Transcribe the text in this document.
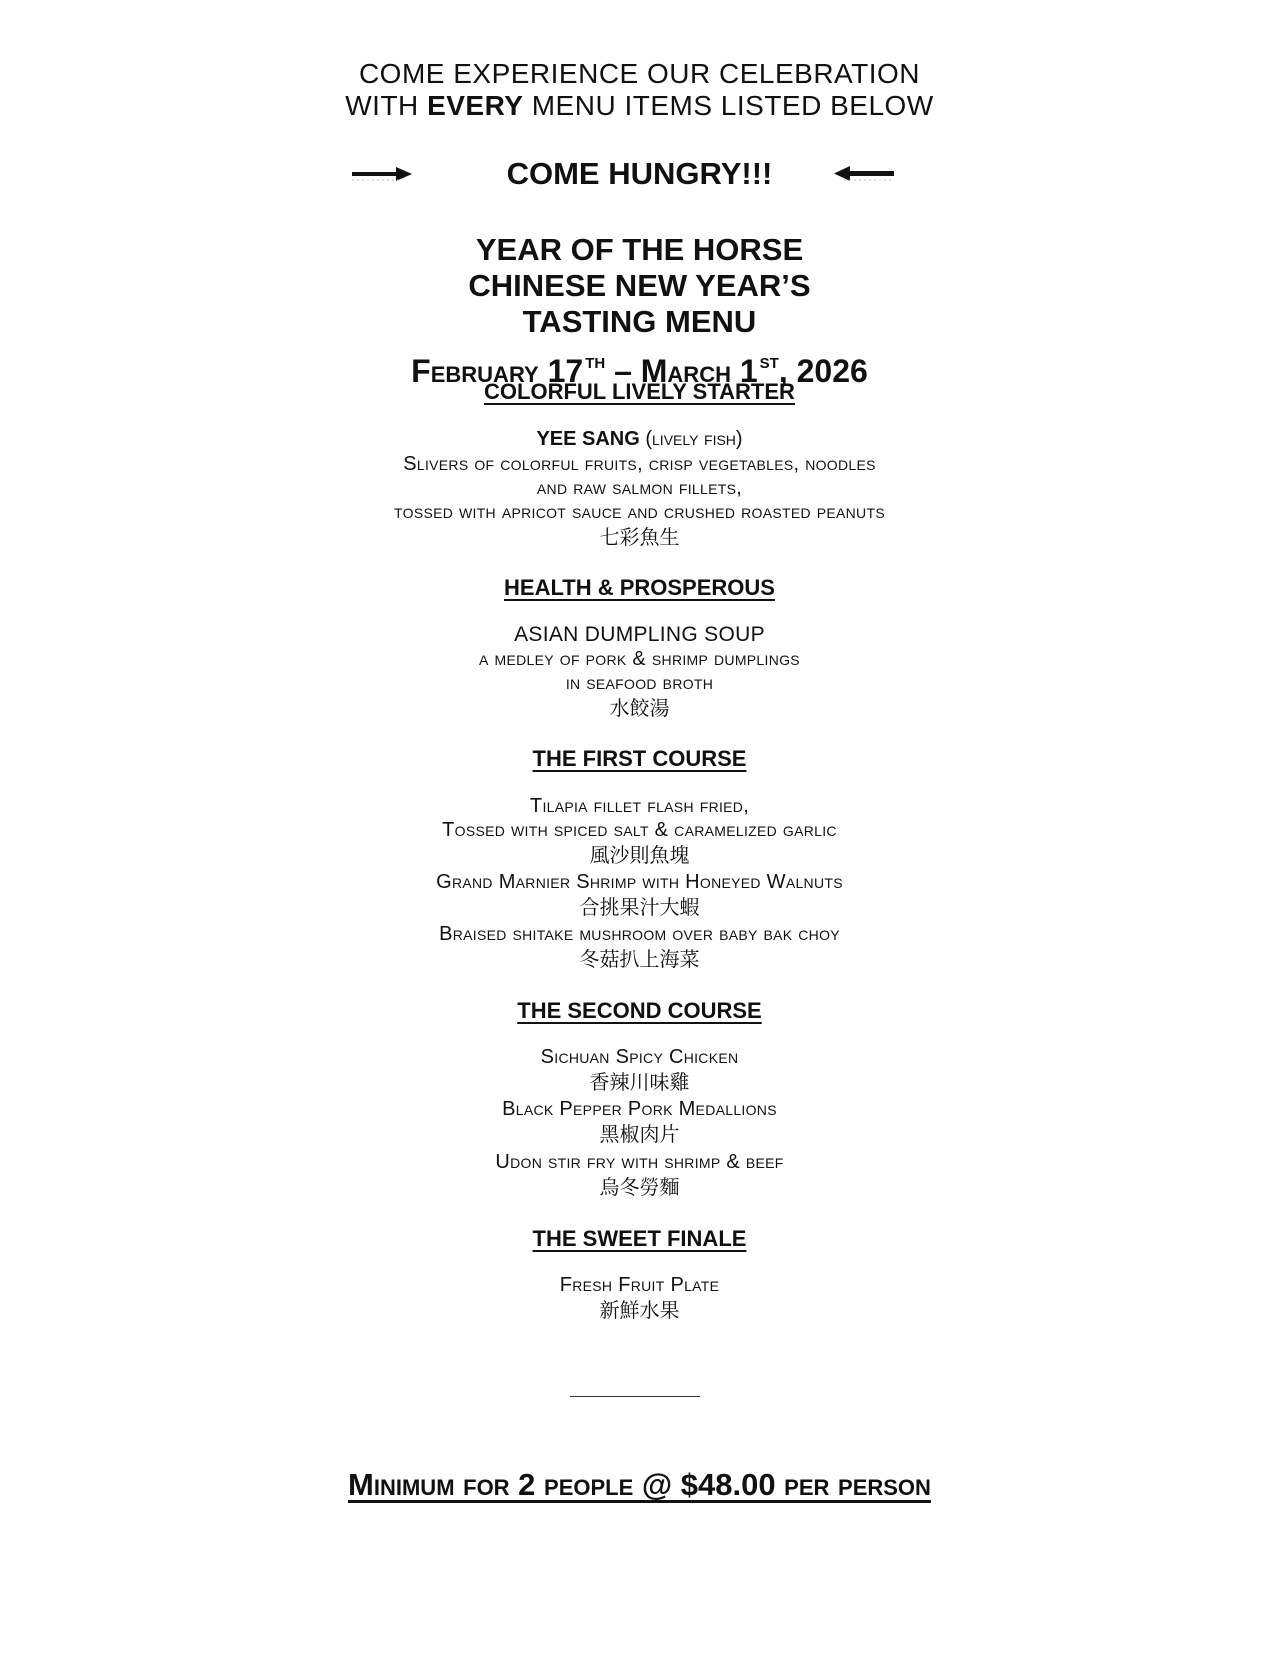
COME EXPERIENCE OUR CELEBRATION
WITH EVERY MENU ITEMS LISTED BELOW
COME HUNGRY!!!
YEAR OF THE HORSE
CHINESE NEW YEAR’S
TASTING MENU
February 17 $^{TH}$ – March 1 $^{ST}$, 2026
COLORFUL LIVELY STARTER
YEE SANG (lively fish)
Slivers of colorful fruits, crisp vegetables, noodles
and raw salmon fillets,
tossed with apricot sauce and crushed roasted peanuts
七彩魚生
HEALTH & PROSPEROUS
ASIAN DUMPLING SOUP
a medley of pork & shrimp dumplings
in seafood broth
水餃湯
THE FIRST COURSE
Tilapia fillet flash fried,
Tossed with spiced salt & caramelized garlic
風沙則魚塊
Grand Marnier Shrimp with Honeyed Walnuts
合挑果汁大蝦
Braised shitake mushroom over baby bak choy
冬菇扒上海菜
THE SECOND COURSE
Sichuan Spicy Chicken
香辣川味雞
Black Pepper Pork Medallions
黑椒肉片
Udon stir fry with shrimp & beef
烏冬勞麵
THE SWEET FINALE
Fresh Fruit Plate
新鮮水果
Minimum for 2 people @ $48.00 per person
